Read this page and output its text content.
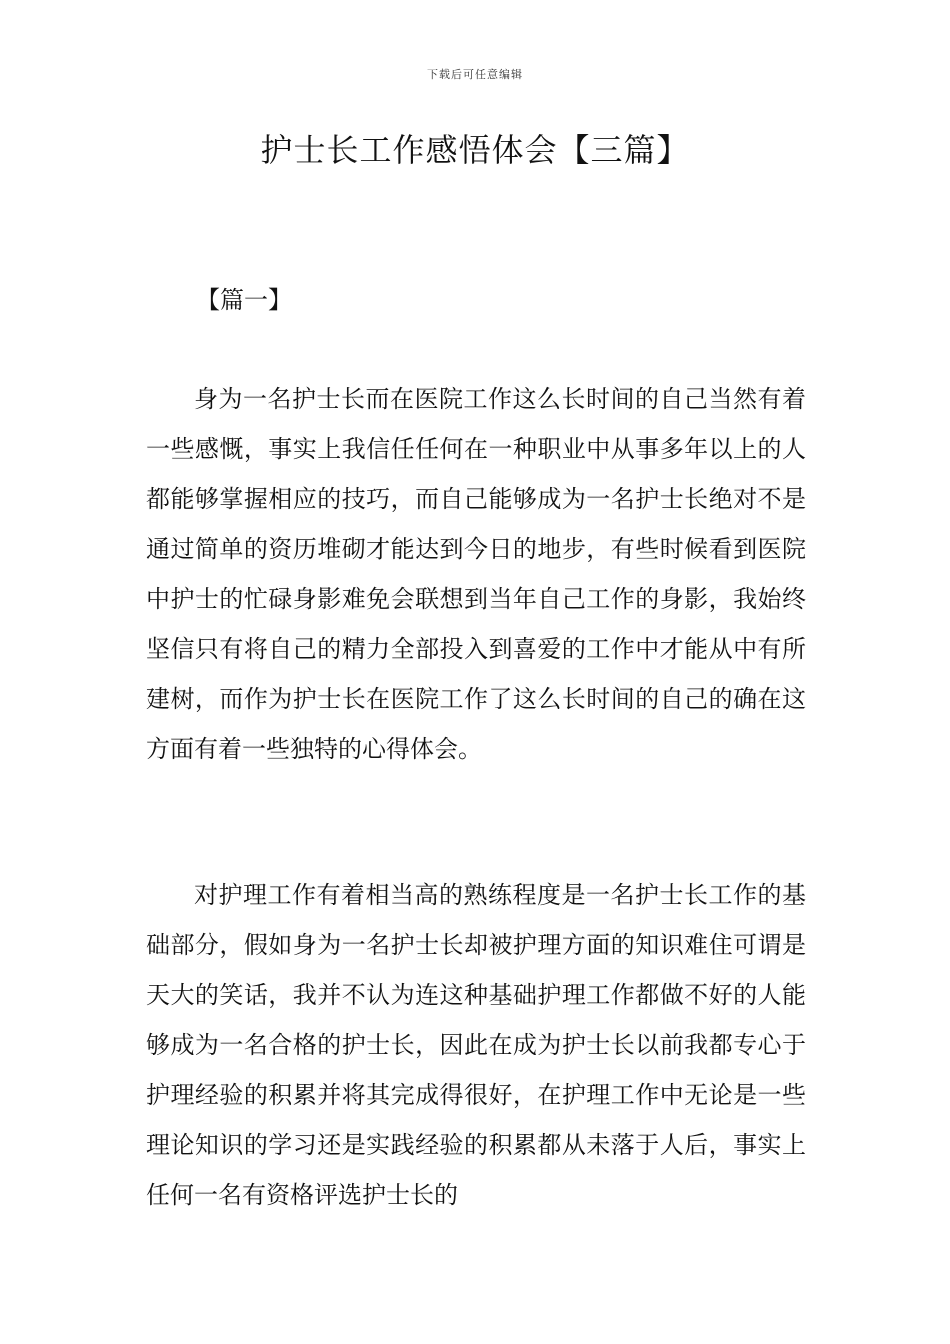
下载后可任意编辑
护士长工作感悟体会【三篇】
【篇一】

身为一名护士长而在医院工作这么长时间的自己当然有着一些感慨，事实上我信任任何在一种职业中从事多年以上的人都能够掌握相应的技巧，而自己能够成为一名护士长绝对不是通过简单的资历堆砌才能达到今日的地步，有些时候看到医院中护士的忙碌身影难免会联想到当年自己工作的身影，我始终坚信只有将自己的精力全部投入到喜爱的工作中才能从中有所建树，而作为护士长在医院工作了这么长时间的自己的确在这方面有着一些独特的心得体会。

对护理工作有着相当高的熟练程度是一名护士长工作的基础部分，假如身为一名护士长却被护理方面的知识难住可谓是天大的笑话，我并不认为连这种基础护理工作都做不好的人能够成为一名合格的护士长，因此在成为护士长以前我都专心于护理经验的积累并将其完成得很好，在护理工作中无论是一些理论知识的学习还是实践经验的积累都从未落于人后，事实上任何一名有资格评选护士长的
